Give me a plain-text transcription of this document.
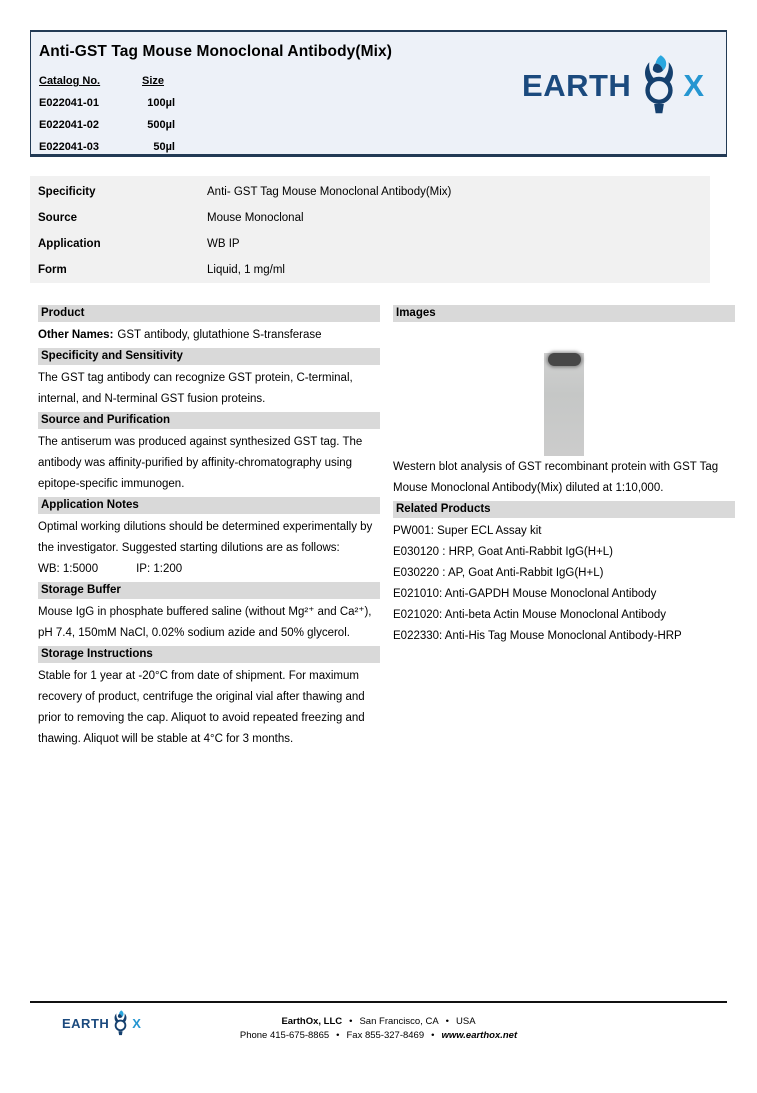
Anti-GST Tag Mouse Monoclonal Antibody(Mix)
Catalog No.	Size
E022041-01	100µl
E022041-02	500µl
E022041-03	50µl
EARTH X
Specificity	Anti- GST Tag Mouse Monoclonal Antibody(Mix)
Source	Mouse Monoclonal
Application	WB IP
Form	Liquid, 1 mg/ml
Product

Other Names: GST antibody, glutathione S-transferase

Specificity and Sensitivity

The GST tag antibody can recognize GST protein, C-terminal, internal, and N-terminal GST fusion proteins.

Source and Purification

The antiserum was produced against synthesized GST tag. The antibody was affinity-purified by affinity-chromatography using epitope-specific immunogen.

Application Notes

Optimal working dilutions should be determined experimentally by the investigator. Suggested starting dilutions are as follows:

WB: 1:5000	IP: 1:200
Storage Buffer

Mouse IgG in phosphate buffered saline (without Mg²⁺ and Ca²⁺), pH 7.4, 150mM NaCl, 0.02% sodium azide and 50% glycerol.

Storage Instructions

Stable for 1 year at -20°C from date of shipment. For maximum recovery of product, centrifuge the original vial after thawing and prior to removing the cap. Aliquot to avoid repeated freezing and thawing. Aliquot will be stable at 4°C for 3 months.

Images

Western blot analysis of GST recombinant protein with GST Tag Mouse Monoclonal Antibody(Mix) diluted at 1:10,000.

Related Products
PW001: Super ECL Assay kit
E030120 : HRP, Goat Anti-Rabbit IgG(H+L)
E030220 : AP, Goat Anti-Rabbit IgG(H+L)
E021010: Anti-GAPDH Mouse Monoclonal Antibody
E021020: Anti-beta Actin Mouse Monoclonal Antibody
E022330: Anti-His Tag Mouse Monoclonal Antibody-HRP
EARTH X	EarthOx, LLC • San Francisco, CA • USA
Phone 415-675-8865 • Fax 855-327-8469 • www.earthox.net
